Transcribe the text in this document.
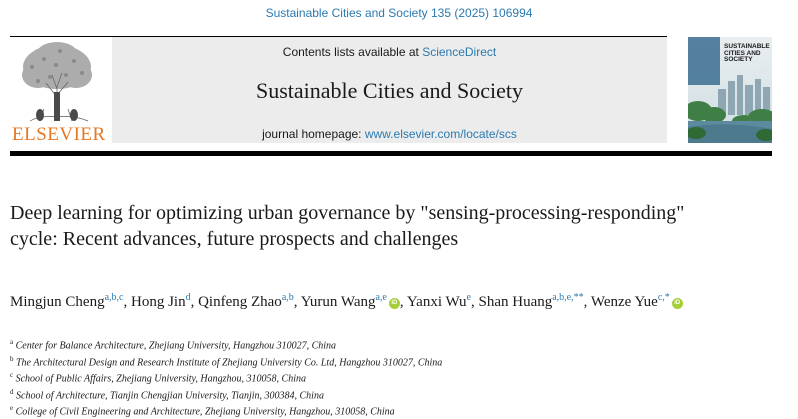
Sustainable Cities and Society 135 (2025) 106994
ELSEVIER
Contents lists available at ScienceDirect
Sustainable Cities and Society
journal homepage: www.elsevier.com/locate/scs
SUSTAINABLE CITIES AND SOCIETY
Deep learning for optimizing urban governance by "sensing-processing-responding" cycle: Recent advances, future prospects and challenges
Mingjun Cheng$^{a,b,c}$, Hong Jin$^d$, Qinfeng Zhao$^{a,b}$, Yurun Wang$^{a,e}$ iD , Yanxi Wu$^e$, Shan Huang$^{a,b,e,**}$, Wenze Yue$^{c,*}$ iD
$^a$ Center for Balance Architecture, Zhejiang University, Hangzhou 310027, China
$^b$ The Architectural Design and Research Institute of Zhejiang University Co. Ltd, Hangzhou 310027, China
$^c$ School of Public Affairs, Zhejiang University, Hangzhou, 310058, China
$^d$ School of Architecture, Tianjin Chengjian University, Tianjin, 300384, China
$^e$ College of Civil Engineering and Architecture, Zhejiang University, Hangzhou, 310058, China
